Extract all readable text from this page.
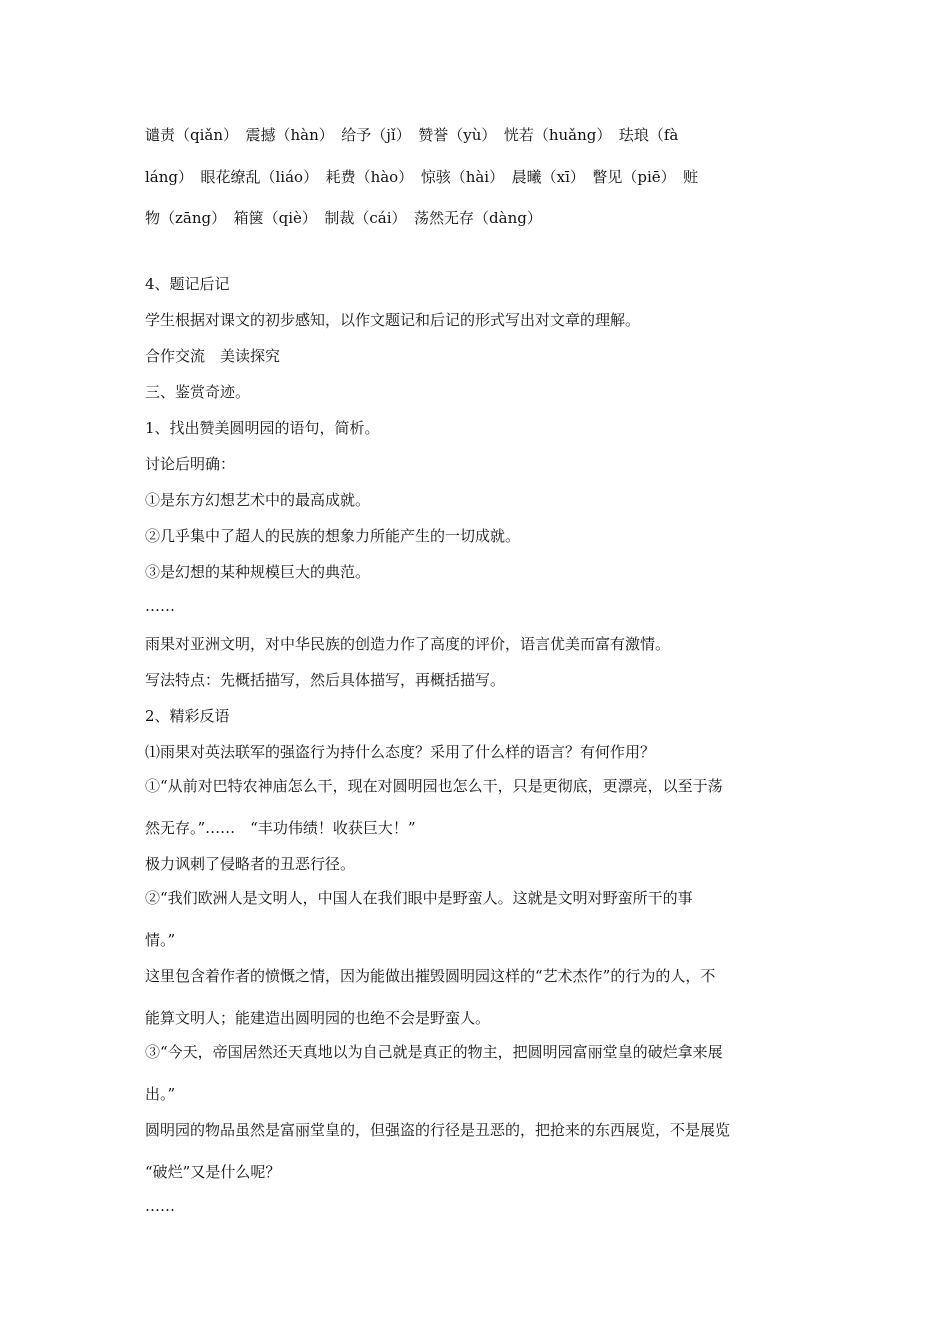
谴责（qiǎn）　震撼（hàn）　给予（jǐ）　赞誉（yù）　恍若（huǎng）　珐琅（fà
láng）　眼花缭乱（liáo）　耗费（hào）　惊骇（hài）　晨曦（xī）　瞥见（piē）　赃
物（zāng）　箱箧（qiè）　制裁（cái）　荡然无存（dàng）
4、题记后记
学生根据对课文的初步感知，以作文题记和后记的形式写出对文章的理解。
合作交流　美读探究
三、鉴赏奇迹。
1、找出赞美圆明园的语句，简析。
讨论后明确：
①是东方幻想艺术中的最高成就。
②几乎集中了超人的民族的想象力所能产生的一切成就。
③是幻想的某种规模巨大的典范。
……
雨果对亚洲文明，对中华民族的创造力作了高度的评价，语言优美而富有激情。
写法特点：先概括描写，然后具体描写，再概括描写。
2、精彩反语
⑴雨果对英法联军的强盗行为持什么态度？采用了什么样的语言？有何作用？
①“从前对巴特农神庙怎么干，现在对圆明园也怎么干，只是更彻底，更漂亮，以至于荡
然无存。”……　“丰功伟绩！收获巨大！”
极力讽刺了侵略者的丑恶行径。
②“我们欧洲人是文明人，中国人在我们眼中是野蛮人。这就是文明对野蛮所干的事
情。”
这里包含着作者的愤慨之情，因为能做出摧毁圆明园这样的“艺术杰作”的行为的人，不
能算文明人；能建造出圆明园的也绝不会是野蛮人。
③“今天，帝国居然还天真地以为自己就是真正的物主，把圆明园富丽堂皇的破烂拿来展
出。”
圆明园的物品虽然是富丽堂皇的，但强盗的行径是丑恶的，把抢来的东西展览，不是展览
“破烂”又是什么呢？
……
